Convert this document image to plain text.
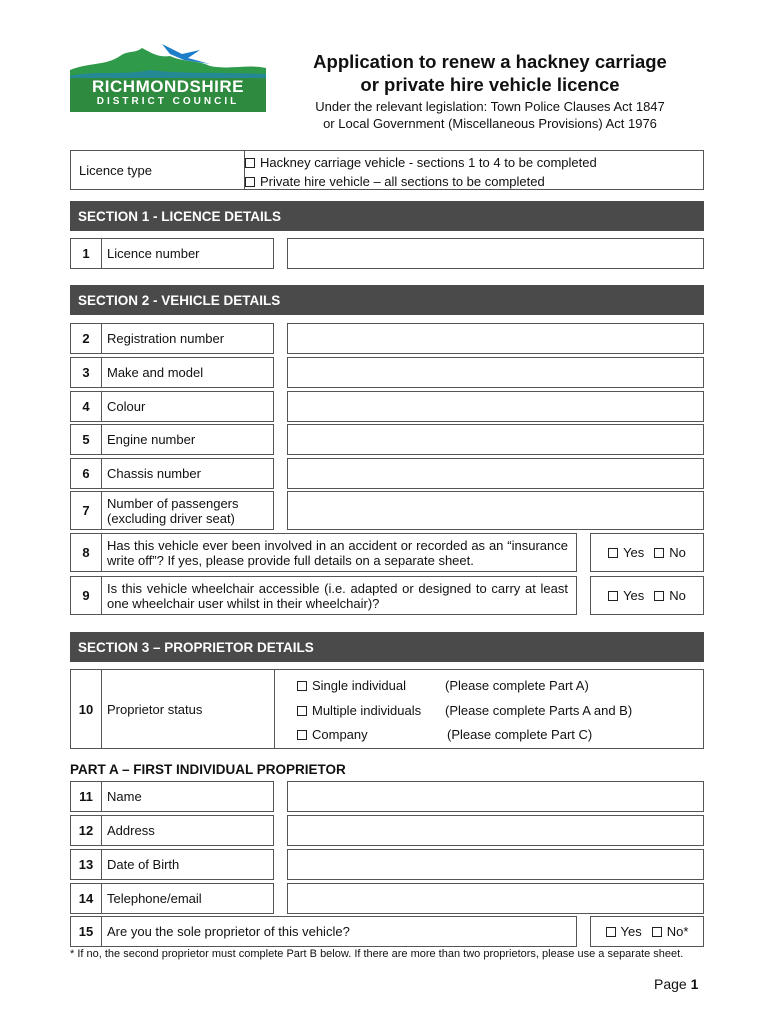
RICHMONDSHIRE
DISTRICT COUNCIL
Application to renew a hackney carriage
or private hire vehicle licence
Under the relevant legislation: Town Police Clauses Act 1847
or Local Government (Miscellaneous Provisions) Act 1976
Licence type	Hackney carriage vehicle - sections 1 to 4 to be completed
Private hire vehicle – all sections to be completed
SECTION 1 - LICENCE DETAILS
1	Licence number
SECTION 2 - VEHICLE DETAILS
2	Registration number
3	Make and model
4	Colour
5	Engine number
6	Chassis number
7	Number of passengers
(excluding driver seat)
8	Has this vehicle ever been involved in an accident or recorded as an “insurance write off”? If yes, please provide full details on a separate sheet.	Yes	No
9	Is this vehicle wheelchair accessible (i.e. adapted or designed to carry at least one wheelchair user whilst in their wheelchair)?	Yes	No
SECTION 3 – PROPRIETOR DETAILS
10	Proprietor status
Single individual	(Please complete Part A)
Multiple individuals (Please complete Parts A and B)
Company	(Please complete Part C)
PART A – FIRST INDIVIDUAL PROPRIETOR
11	Name
12	Address
13	Date of Birth
14	Telephone/email
15	Are you the sole proprietor of this vehicle?	Yes	No*
* If no, the second proprietor must complete Part B below. If there are more than two proprietors, please use a separate sheet.
Page 1
